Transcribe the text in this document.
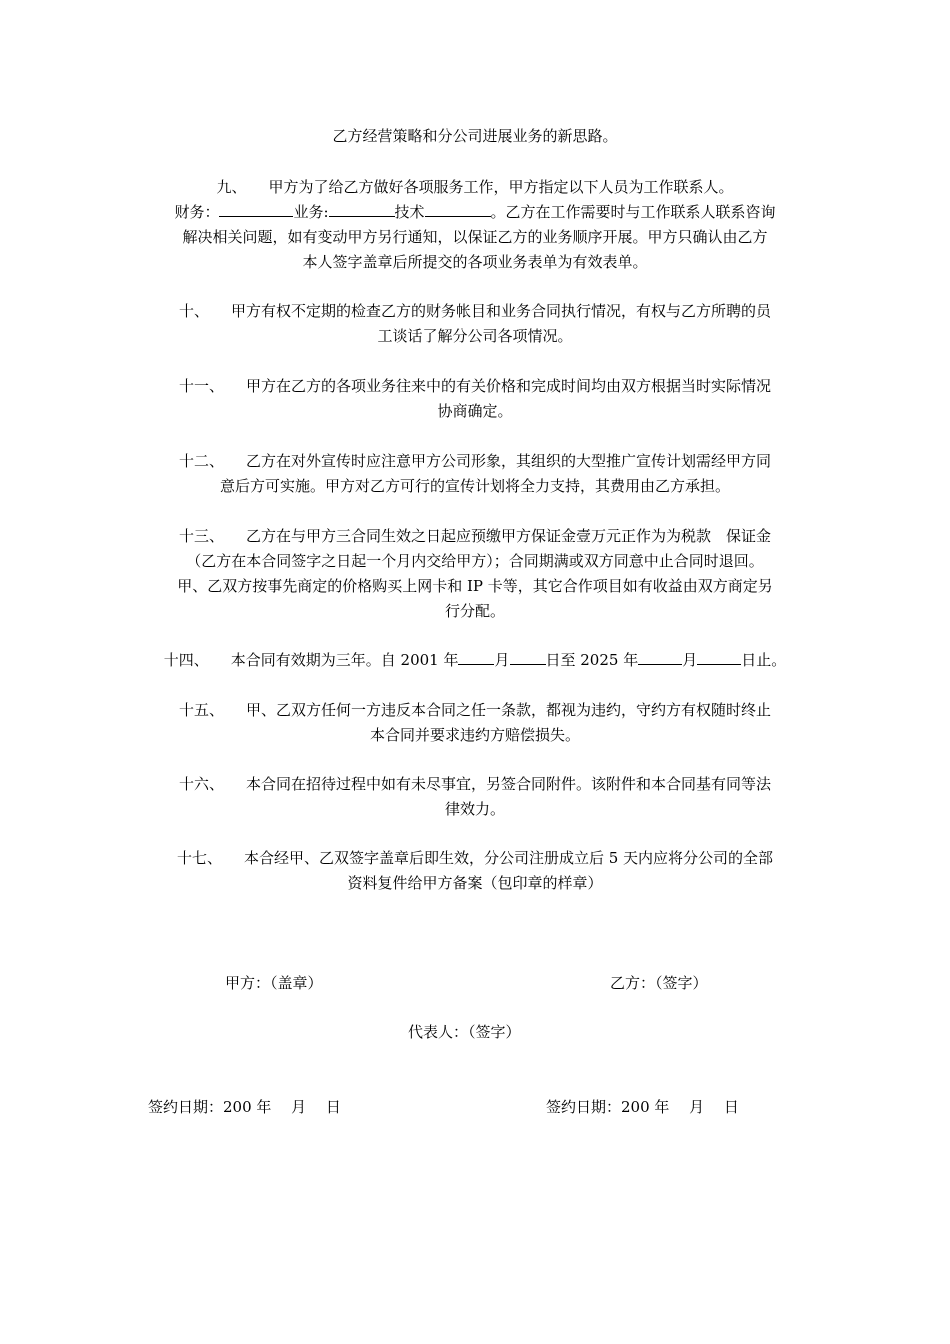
乙方经营策略和分公司进展业务的新思路。
九、 甲方为了给乙方做好各项服务工作，甲方指定以下人员为工作联系人。
财务：	业务:	技术	。乙方在工作需要时与工作联系人联系咨询
解决相关问题，如有变动甲方另行通知，以保证乙方的业务顺序开展。甲方只确认由乙方
本人签字盖章后所提交的各项业务表单为有效表单。
十、 甲方有权不定期的检查乙方的财务帐目和业务合同执行情况，有权与乙方所聘的员
工谈话了解分公司各项情况。
十一、 甲方在乙方的各项业务往来中的有关价格和完成时间均由双方根据当时实际情况
协商确定。
十二、 乙方在对外宣传时应注意甲方公司形象，其组织的大型推广宣传计划需经甲方同
意后方可实施。甲方对乙方可行的宣传计划将全力支持，其费用由乙方承担。
十三、 乙方在与甲方三合同生效之日起应预缴甲方保证金壹万元正作为为税款　保证金
（乙方在本合同签字之日起一个月内交给甲方）；合同期满或双方同意中止合同时退回。
甲、乙双方按事先商定的价格购买上网卡和 IP 卡等，其它合作项目如有收益由双方商定另
行分配。
十四、 本合同有效期为三年。自 2001 年 月 日至 2025 年	月	日止。
十五、 甲、乙双方任何一方违反本合同之任一条款，都视为违约，守约方有权随时终止
本合同并要求违约方赔偿损失。
十六、 本合同在招待过程中如有未尽事宜，另签合同附件。该附件和本合同基有同等法
律效力。
十七、 本合经甲、乙双签字盖章后即生效，分公司注册成立后 5 天内应将分公司的全部
资料复件给甲方备案（包印章的样章）
甲方：（盖章）	乙方：（签字）
代表人：（签字）
签约日期：200 年　 月　 日	签约日期：200 年　 月　 日
